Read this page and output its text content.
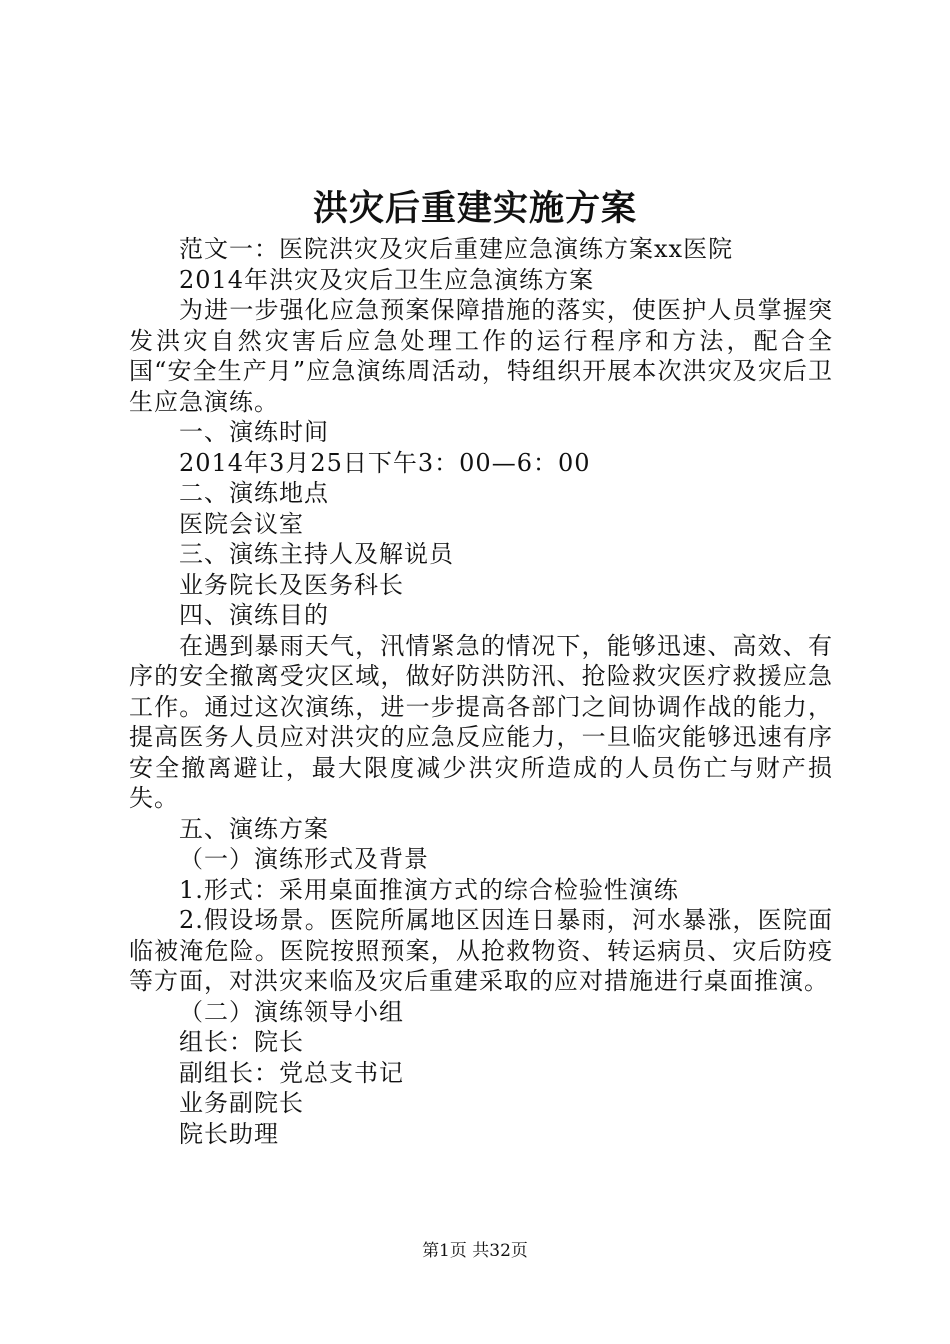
洪灾后重建实施方案

范文一：医院洪灾及灾后重建应急演练方案xx医院

2014年洪灾及灾后卫生应急演练方案

为进一步强化应急预案保障措施的落实，使医护人员掌握突发洪灾自然灾害后应急处理工作的运行程序和方法，配合全国“安全生产月”应急演练周活动，特组织开展本次洪灾及灾后卫生应急演练。

一、演练时间

2014年3月25日下午3：00—6：00

二、演练地点

医院会议室

三、演练主持人及解说员

业务院长及医务科长

四、演练目的

在遇到暴雨天气，汛情紧急的情况下，能够迅速、高效、有序的安全撤离受灾区域，做好防洪防汛、抢险救灾医疗救援应急工作。通过这次演练，进一步提高各部门之间协调作战的能力，提高医务人员应对洪灾的应急反应能力，一旦临灾能够迅速有序安全撤离避让，最大限度减少洪灾所造成的人员伤亡与财产损失。

五、演练方案

（一）演练形式及背景

1.形式：采用桌面推演方式的综合检验性演练

2.假设场景。医院所属地区因连日暴雨，河水暴涨，医院面临被淹危险。医院按照预案，从抢救物资、转运病员、灾后防疫等方面，对洪灾来临及灾后重建采取的应对措施进行桌面推演。

（二）演练领导小组

组长：院长

副组长：党总支书记

业务副院长

院长助理

第1页 共32页
